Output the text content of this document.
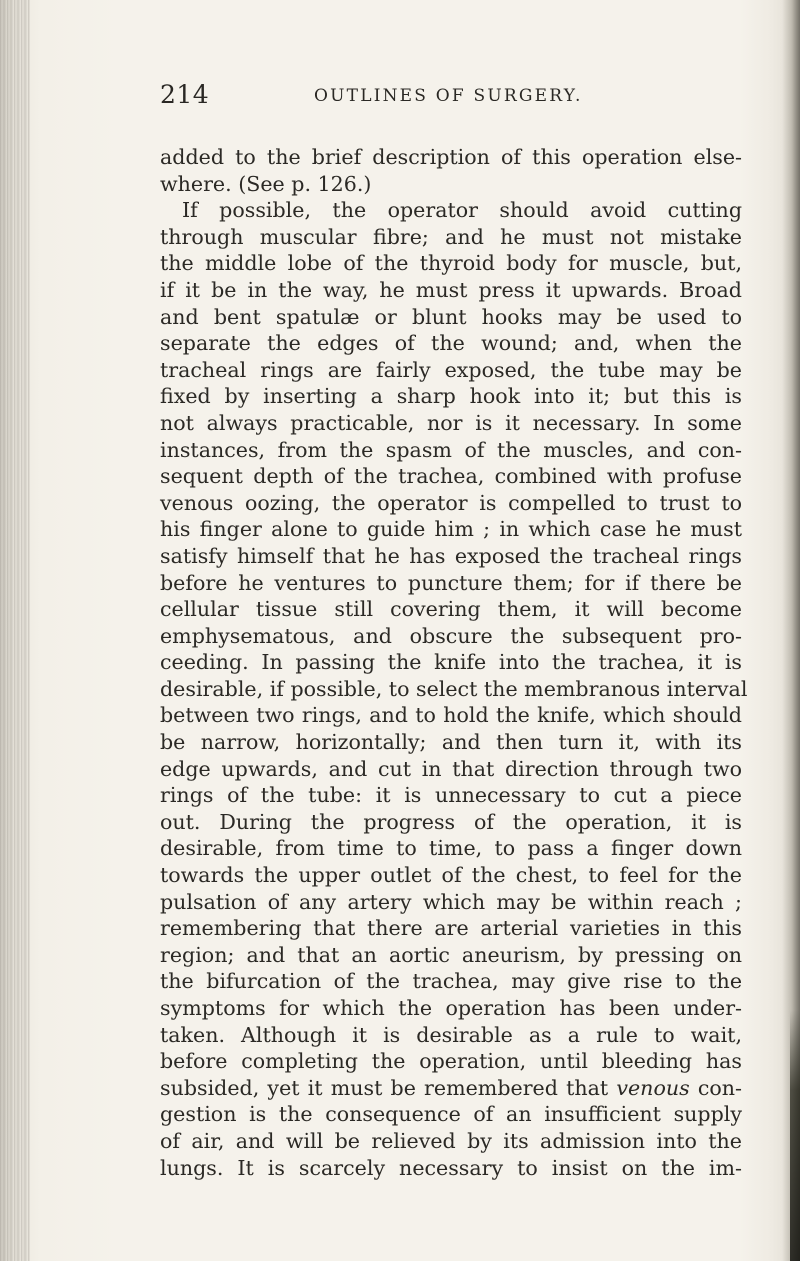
214	OUTLINES OF SURGERY.
added to the brief description of this operation else-
where. (See p. 126.)
If possible, the operator should avoid cutting
through muscular fibre; and he must not mistake
the middle lobe of the thyroid body for muscle, but,
if it be in the way, he must press it upwards. Broad
and bent spatulæ or blunt hooks may be used to
separate the edges of the wound; and, when the
tracheal rings are fairly exposed, the tube may be
fixed by inserting a sharp hook into it; but this is
not always practicable, nor is it necessary. In some
instances, from the spasm of the muscles, and con-
sequent depth of the trachea, combined with profuse
venous oozing, the operator is compelled to trust to
his finger alone to guide him ; in which case he must
satisfy himself that he has exposed the tracheal rings
before he ventures to puncture them; for if there be
cellular tissue still covering them, it will become
emphysematous, and obscure the subsequent pro-
ceeding. In passing the knife into the trachea, it is
desirable, if possible, to select the membranous interval
between two rings, and to hold the knife, which should
be narrow, horizontally; and then turn it, with its
edge upwards, and cut in that direction through two
rings of the tube: it is unnecessary to cut a piece
out. During the progress of the operation, it is
desirable, from time to time, to pass a finger down
towards the upper outlet of the chest, to feel for the
pulsation of any artery which may be within reach ;
remembering that there are arterial varieties in this
region; and that an aortic aneurism, by pressing on
the bifurcation of the trachea, may give rise to the
symptoms for which the operation has been under-
taken. Although it is desirable as a rule to wait,
before completing the operation, until bleeding has
subsided, yet it must be remembered that venous con-
gestion is the consequence of an insufficient supply
of air, and will be relieved by its admission into the
lungs. It is scarcely necessary to insist on the im-
